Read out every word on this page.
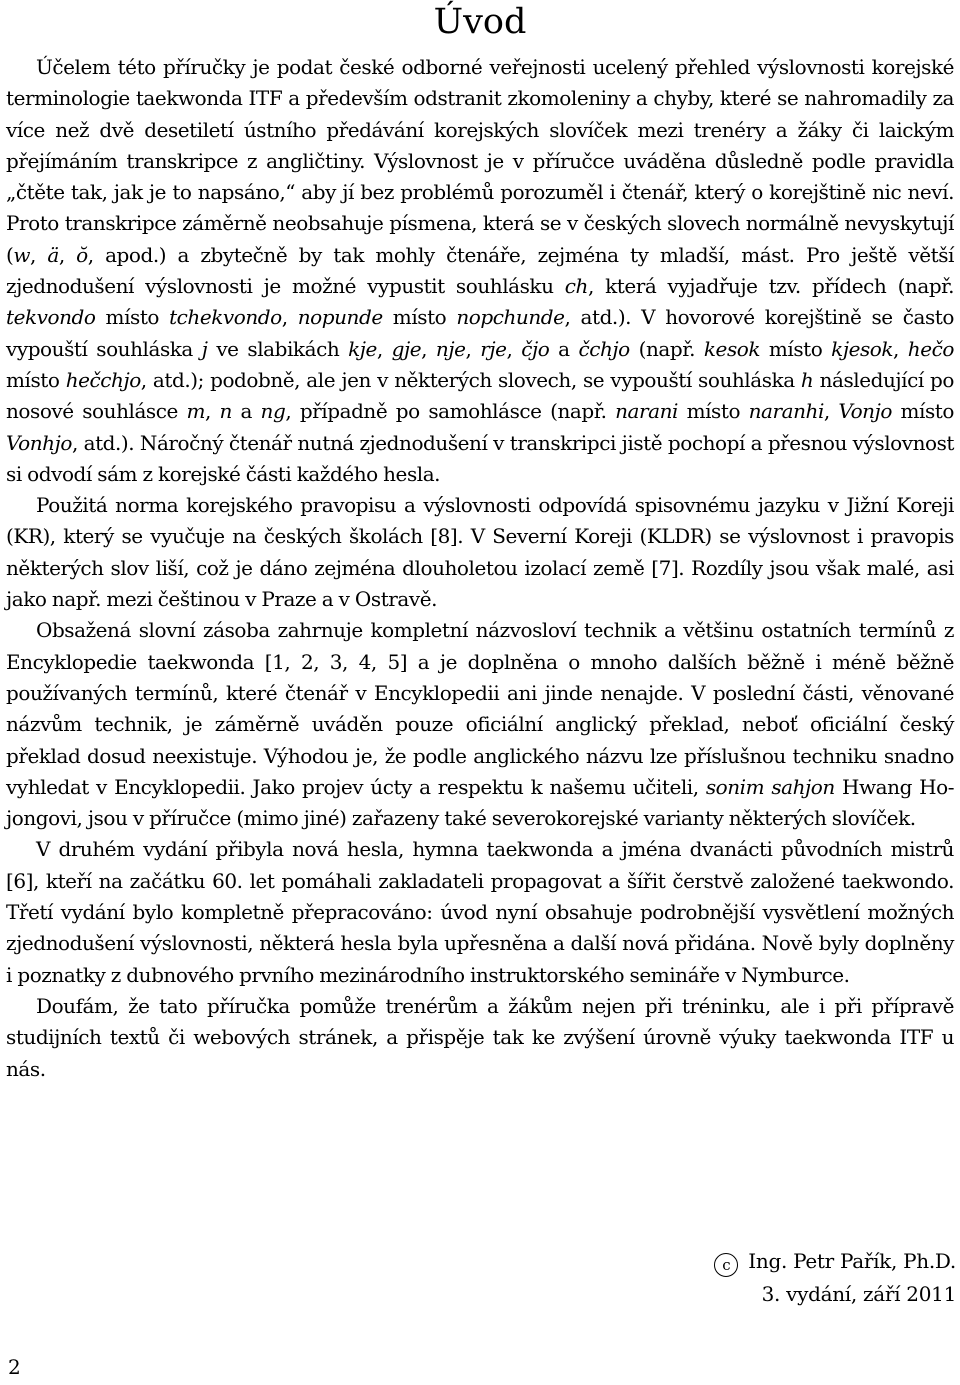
Úvod

Účelem této příručky je podat české odborné veřejnosti ucelený přehled výslovnosti korejské terminologie taekwonda ITF a především odstranit zkomoleniny a chyby, které se nahromadily za více než dvě desetiletí ústního předávání korejských slovíček mezi trenéry a žáky či laickým přejímáním transkripce z angličtiny. Výslovnost je v příručce uváděna důsledně podle pravidla „čtěte tak, jak je to napsáno,“ aby jí bez problémů porozuměl i čtenář, který o korejštině nic neví. Proto transkripce záměrně neobsahuje písmena, která se v českých slovech normálně nevyskytují (w, ä, ŏ, apod.) a zbytečně by tak mohly čtenáře, zejména ty mladší, mást. Pro ještě větší zjednodušení výslovnosti je možné vypustit souhlásku ch, která vyjadřuje tzv. přídech (např. tekvondo místo tchekvondo, nopunde místo nopchunde, atd.). V hovorové korejštině se často vypouští souhláska j ve slabikách kje, gje, nje, rje, čjo a čchjo (např. kesok místo kjesok, hečo místo hečchjo, atd.); podobně, ale jen v některých slovech, se vypouští souhláska h následující po nosové souhlásce m, n a ng, případně po samohlásce (např. narani místo naranhi, Vonjo místo Vonhjo, atd.). Náročný čtenář nutná zjednodušení v transkripci jistě pochopí a přesnou výslovnost si odvodí sám z korejské části každého hesla.

Použitá norma korejského pravopisu a výslovnosti odpovídá spisovnému jazyku v Jižní Koreji (KR), který se vyučuje na českých školách [8]. V Severní Koreji (KLDR) se výslovnost i pravopis některých slov liší, což je dáno zejména dlouholetou izolací země [7]. Rozdíly jsou však malé, asi jako např. mezi češtinou v Praze a v Ostravě.

Obsažená slovní zásoba zahrnuje kompletní názvosloví technik a většinu ostatních termínů z Encyklopedie taekwonda [1, 2, 3, 4, 5] a je doplněna o mnoho dalších běžně i méně běžně používaných termínů, které čtenář v Encyklopedii ani jinde nenajde. V poslední části, věnované názvům technik, je záměrně uváděn pouze oficiální anglický překlad, neboť oficiální český překlad dosud neexistuje. Výhodou je, že podle anglického názvu lze příslušnou techniku snadno vyhledat v Encyklopedii. Jako projev úcty a respektu k našemu učiteli, sonim sahjon Hwang Ho-jongovi, jsou v příručce (mimo jiné) zařazeny také severokorejské varianty některých slovíček.

V druhém vydání přibyla nová hesla, hymna taekwonda a jména dvanácti původních mistrů [6], kteří na začátku 60. let pomáhali zakladateli propagovat a šířit čerstvě založené taekwondo. Třetí vydání bylo kompletně přepracováno: úvod nyní obsahuje podrobnější vysvětlení možných zjednodušení výslovnosti, některá hesla byla upřesněna a další nová přidána. Nově byly doplněny i poznatky z dubnového prvního mezinárodního instruktorského semináře v Nymburce.

Doufám, že tato příručka pomůže trenérům a žákům nejen při tréninku, ale i při přípravě studijních textů či webových stránek, a přispěje tak ke zvýšení úrovně výuky taekwonda ITF u nás.

c Ing. Petr Pařík, Ph.D.
3. vydání, září 2011
2
